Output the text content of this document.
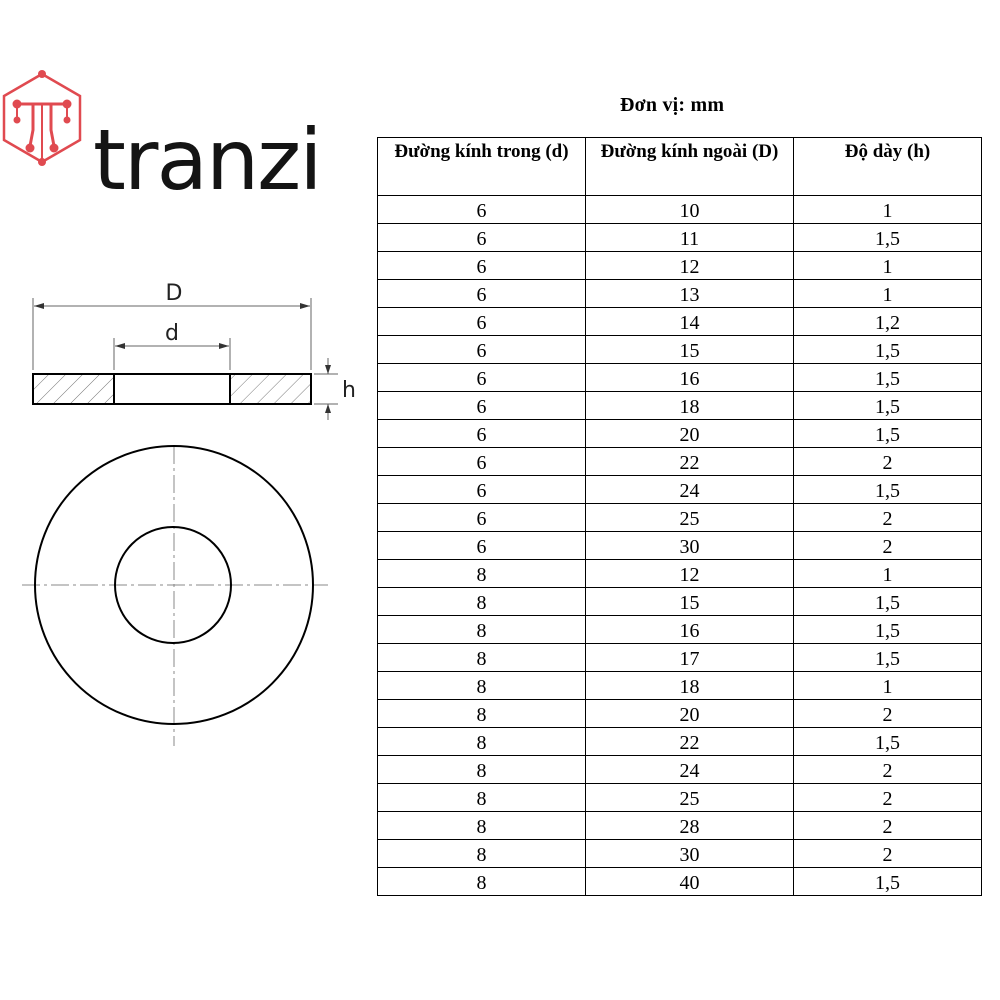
tranzi
D
d
h
Đơn vị: mm
Đường kính trong (d)	Đường kính ngoài (D)	Độ dày (h)
6	10	1
6	11	1,5
6	12	1
6	13	1
6	14	1,2
6	15	1,5
6	16	1,5
6	18	1,5
6	20	1,5
6	22	2
6	24	1,5
6	25	2
6	30	2
8	12	1
8	15	1,5
8	16	1,5
8	17	1,5
8	18	1
8	20	2
8	22	1,5
8	24	2
8	25	2
8	28	2
8	30	2
8	40	1,5
